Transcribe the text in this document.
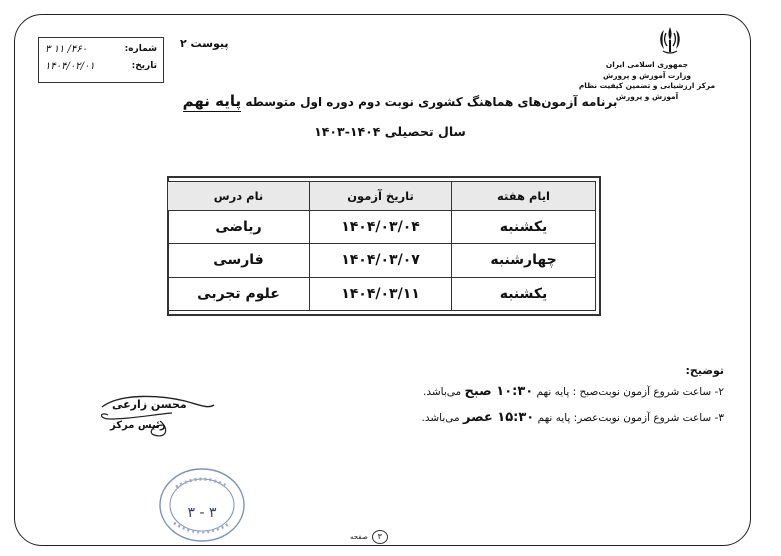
شماره:
۴۶۰/ ۱۱ ۳
تاریخ:
۱۴۰۴/۰۲/۰۱
پیوست ۲
جمهوری اسلامی ایران
وزارت آموزش و پرورش
مرکز ارزشیابی و تضمین کیفیت نظام
آموزش و پرورش
برنامه آزمون‌های هماهنگ کشوری نوبت دوم دوره اول متوسطه پایه نهم
سال تحصیلی ۱۴۰۴-۱۴۰۳
ایام هفته	تاریخ آزمون	نام درس
یکشنبه	۱۴۰۴/۰۳/۰۴	ریاضی
چهارشنبه	۱۴۰۴/۰۳/۰۷	فارسی
یکشنبه	۱۴۰۴/۰۳/۱۱	علوم تجربی
توضیح:
۲- ساعت شروع آزمون نوبت‌صبح : پایه نهم ۱۰:۳۰ صبح می‌باشد.
۳- ساعت شروع آزمون نوبت‌عصر: پایه نهم ۱۵:۳۰ عصر می‌باشد.
محسن زارعی
رئیس مرکز
۳ - ۳
۳
صفحه
